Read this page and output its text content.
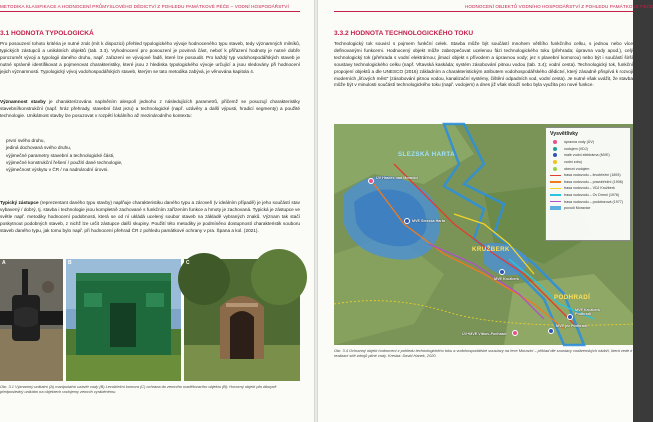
METODIKA KLASIFIKACE A HODNOCENÍ PRŮMYSLOVÉHO DĚDICTVÍ Z POHLEDU PAMÁTKOVÉ PÉČE – VODNÍ HOSPODÁŘSTVÍ
3.1 HODNOTA TYPOLOGICKÁ
Pro posouzení tohoto kritéria je nutné znát (mít k dispozici) přehled typologického vývoje hodnoceného typu staveb, tedy významných milníků, typických zástupců a unikátních objektů (tab. 3.3). Vyhodnocení pro posouzení je povinná část, neboť k přiřazení hodnoty je nutné dobře porozumět vývoji a typologii daného druhu, např. zařazení ve vývojové řadě, které lze posoudit. Pro každý typ vodohospodářských staveb je nutné správně identifikovat a pojmenovat charakteristiky, které jsou z hlediska typologického vývoje určující a jsou sledovány při hodnocení jejich významnosti. Typologický vývoj vodohospodářských staveb, kterým se tato metodika zabývá, je věnována kapitola 4.
Významnost stavby je charakterizována naplněním alespoň jednoho z následujících parametrů, přičemž se posuzují charakteristiky stavební/konstrukční (např. hráz přehrady, stavební část jezu) a technologické (např. uzávěry a další výpusti, hradicí segmenty) a použité technologie. Unikátnost stavby lze posuzovat v rozpětí lokálního až mezinárodního kontextu:
první svého druhu,
jediná dochovaná svého druhu,
výjimečné parametry stavební a technologické části,
výjimečné konstrukční řešení / použití dané technologie,
výjimečnost výskytu v ČR / na nadnárodní úrovni.
Typický zástupce (reprezentant daného typu stavby) naplňuje charakteristiku daného typu a zároveň (v ideálním případě) je jeho součástí stav vybavený / dobrý, tj. stavba i technologie jsou kompletně zachované s funkčním zařízením funkce a hmoty je zachovaná. Typická je zástupce ve světle např. metodiky hodnocení podobnosti, která se od ní ukládá ucelený soubor staveb na základě vybraných znaků. Význam tak stačí poskytnout podobných staveb, z nichž lze určit zástupce další skupiny. Použití této metodiky je podmíněno dostupností charakteristik souboru staveb daného typu, jak tomu bylo např. při hodnocení přehrad ČR z pohledu památkové ochrany v pra. Špana a kol. (2021).
A	B	C
Obr. 3.1 Významný unikátní (A) manipulační uzávěr vody (B) Levobřežní komora (C) ochrana do zemního rozdělovacího objektu (B): Hovorný objekt pfa útkoyně předposledný unikátní na objektech vodojemy zemníh vyráběnému.
HODNOCENÍ OBJEKTŮ VODNÍHO HOSPODÁŘSTVÍ Z POHLEDU PAMÁTKOVÉ PÉČE
3.3.2 HODNOTA TECHNOLOGICKÉHO TOKU
Technologický tok souvisí s pojmem funkční celek. Stavba může být součástí mnohem většího funkčního celku, s jednou nebo více definovanými funkcemi. Hodnocený objekt může zabezpečovat ucelenou fázi technologického toku (přehrada; úpravna vody apod.), celý technologický tok (přehrada s vodní elektrárnou; jímací objekt s přívodem a úpravnou vody; jez s plavební komorou) nebo být i součástí širší soustavy technologického celku (např. Vltavská kaskáda; systém zásobování pitnou vodou (tab. 3.4); vodní cesta). Technologický tok, funkční propojení objektů a dle UNESCO (2016) základním a charakteristickým atributem vodohospodářského dědictví, který zásadně přispívá k rozvoji moderních „liťových měst“ (zásobování pitnou vodou, kanalizační systémy, čištění odpadních vod, vodní cesta). Je nutné však uvážit, že stavba může být v minulosti součástí technologického toku (např. vodojem) a dnes již však slouží nebo byla využita pro nové funkce.
SLEZSKÁ HARTA
KRUŽBERK
PODHRADÍ
ÚV Hradec nad Moravicí
MVE Slezská Harta
MVE Kružberk
MVE Kružberk Podhradí
MVE jez Podhradí
ÚV+MVE Vítkov-Podhradí
Vysvětlivky
úpravna vody (ÚV)
vodojem (VDJ)
malé vodní elektrárna (MVE)
vodní zdroj
obecní vodojem
trasa vodovodu – levobřežní (1893)
trasa vodovodu – pravobřežní (1906)
trasa vodovodu – VDJ Kružberk
trasa vodovodu – Ov Drmni (1976)
trasa vodovodu – podoborová (1977)
povodí Moravice
Obr. 3.4 Ochranný objekt hodnocení z pohledu technologického toku a vodohospodářské soustavy na řece Moravici – příklad dle soustavy vodárenských nádrží, která vede k realizaci sítě zdrojů pitné vody. Kresba: David Hanek, 2020.
